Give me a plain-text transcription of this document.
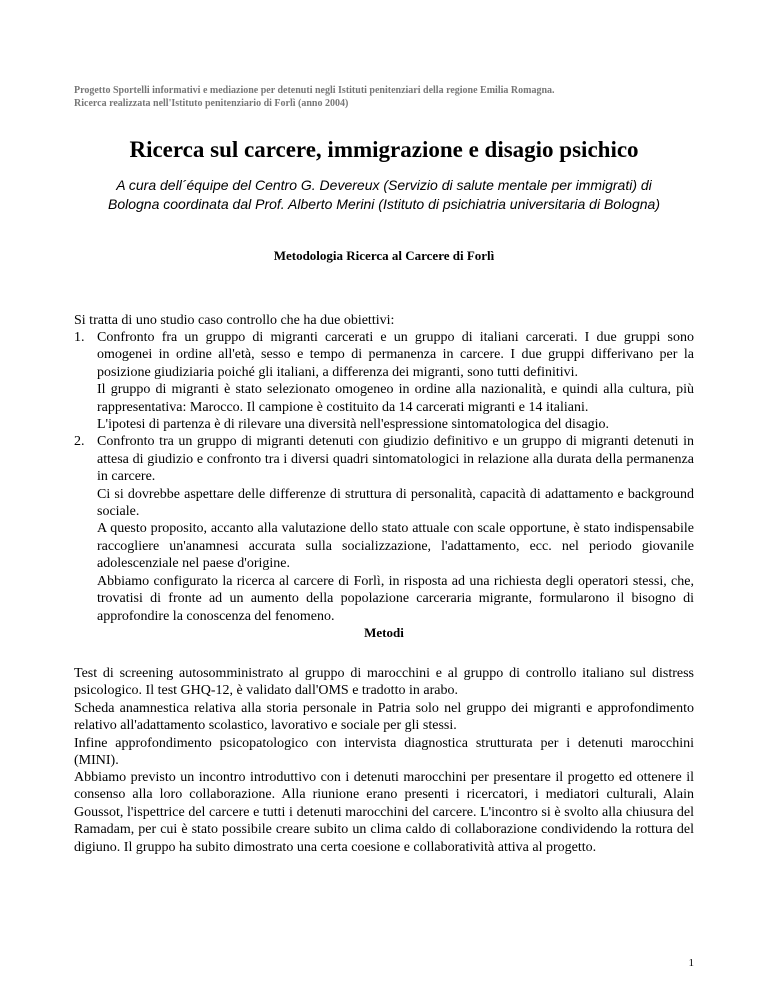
Progetto Sportelli informativi e mediazione per detenuti negli Istituti penitenziari della regione Emilia Romagna.
Ricerca realizzata nell'Istituto penitenziario di Forlì (anno 2004)
Ricerca sul carcere, immigrazione e disagio psichico
A cura dell´équipe del Centro G. Devereux (Servizio di salute mentale per immigrati) di
Bologna coordinata dal Prof. Alberto Merini (Istituto di psichiatria universitaria di Bologna)
Metodologia Ricerca al Carcere di Forlì
Si tratta di uno studio caso controllo che ha due obiettivi:
1. Confronto fra un gruppo di migranti carcerati e un gruppo di italiani carcerati. I due gruppi sono omogenei in ordine all'età, sesso e tempo di permanenza in carcere. I due gruppi differivano per la posizione giudiziaria poiché gli italiani, a differenza dei migranti, sono tutti definitivi.

Il gruppo di migranti è stato selezionato omogeneo in ordine alla nazionalità, e quindi alla cultura, più rappresentativa: Marocco. Il campione è costituito da 14 carcerati migranti e 14 italiani.

L'ipotesi di partenza è di rilevare una diversità nell'espressione sintomatologica del disagio.

2. Confronto tra un gruppo di migranti detenuti con giudizio definitivo e un gruppo di migranti detenuti in attesa di giudizio e confronto tra i diversi quadri sintomatologici in relazione alla durata della permanenza in carcere.

Ci si dovrebbe aspettare delle differenze di struttura di personalità, capacità di adattamento e background sociale.

A questo proposito, accanto alla valutazione dello stato attuale con scale opportune, è stato indispensabile raccogliere un'anamnesi accurata sulla socializzazione, l'adattamento, ecc. nel periodo giovanile adolescenziale nel paese d'origine.

Abbiamo configurato la ricerca al carcere di Forlì, in risposta ad una richiesta degli operatori stessi, che, trovatisi di fronte ad un aumento della popolazione carceraria migrante, formularono il bisogno di approfondire la conoscenza del fenomeno.

Metodi

Test di screening autosomministrato al gruppo di marocchini e al gruppo di controllo italiano sul distress psicologico. Il test GHQ-12, è validato dall'OMS e tradotto in arabo.

Scheda anamnestica relativa alla storia personale in Patria solo nel gruppo dei migranti e approfondimento relativo all'adattamento scolastico, lavorativo e sociale per gli stessi.

Infine approfondimento psicopatologico con intervista diagnostica strutturata per i detenuti marocchini (MINI).

Abbiamo previsto un incontro introduttivo con i detenuti marocchini per presentare il progetto ed ottenere il consenso alla loro collaborazione. Alla riunione erano presenti i ricercatori, i mediatori culturali, Alain Goussot, l'ispettrice del carcere e tutti i detenuti marocchini del carcere. L'incontro si è svolto alla chiusura del Ramadam, per cui è stato possibile creare subito un clima caldo di collaborazione condividendo la rottura del digiuno. Il gruppo ha subito dimostrato una certa coesione e collaboratività attiva al progetto.
1
